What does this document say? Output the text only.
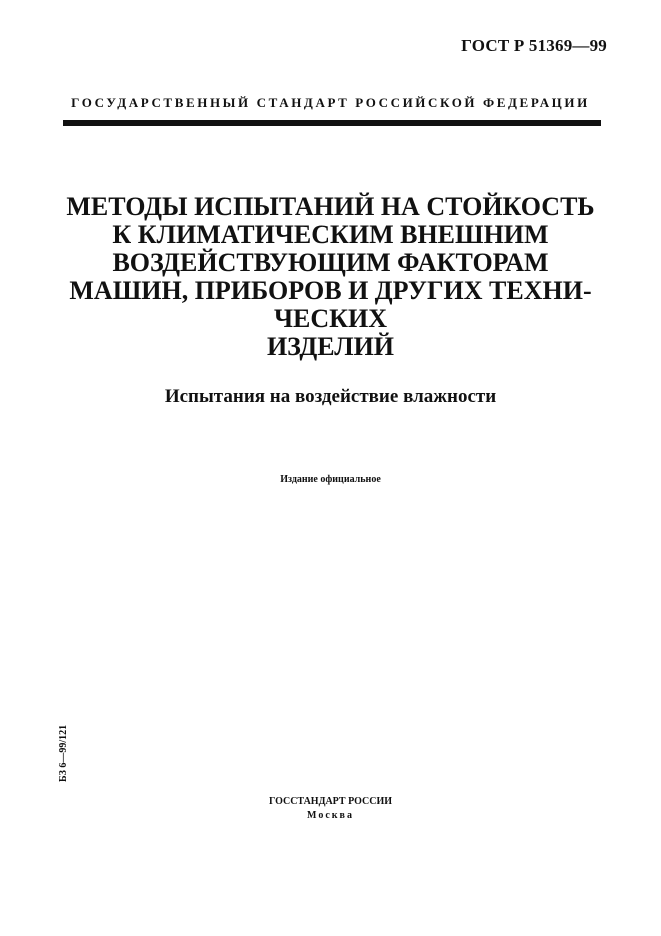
ГОСТ Р 51369—99
ГОСУДАРСТВЕННЫЙ СТАНДАРТ РОССИЙСКОЙ ФЕДЕРАЦИИ
МЕТОДЫ ИСПЫТАНИЙ НА СТОЙКОСТЬ
К КЛИМАТИЧЕСКИМ ВНЕШНИМ
ВОЗДЕЙСТВУЮЩИМ ФАКТОРАМ
МАШИН, ПРИБОРОВ И ДРУГИХ ТЕХНИ-
ЧЕСКИХ
ИЗДЕЛИЙ
Испытания на воздействие влажности
Издание официальное
БЗ 6—99/121
ГОССТАНДАРТ РОССИИ
Москва
